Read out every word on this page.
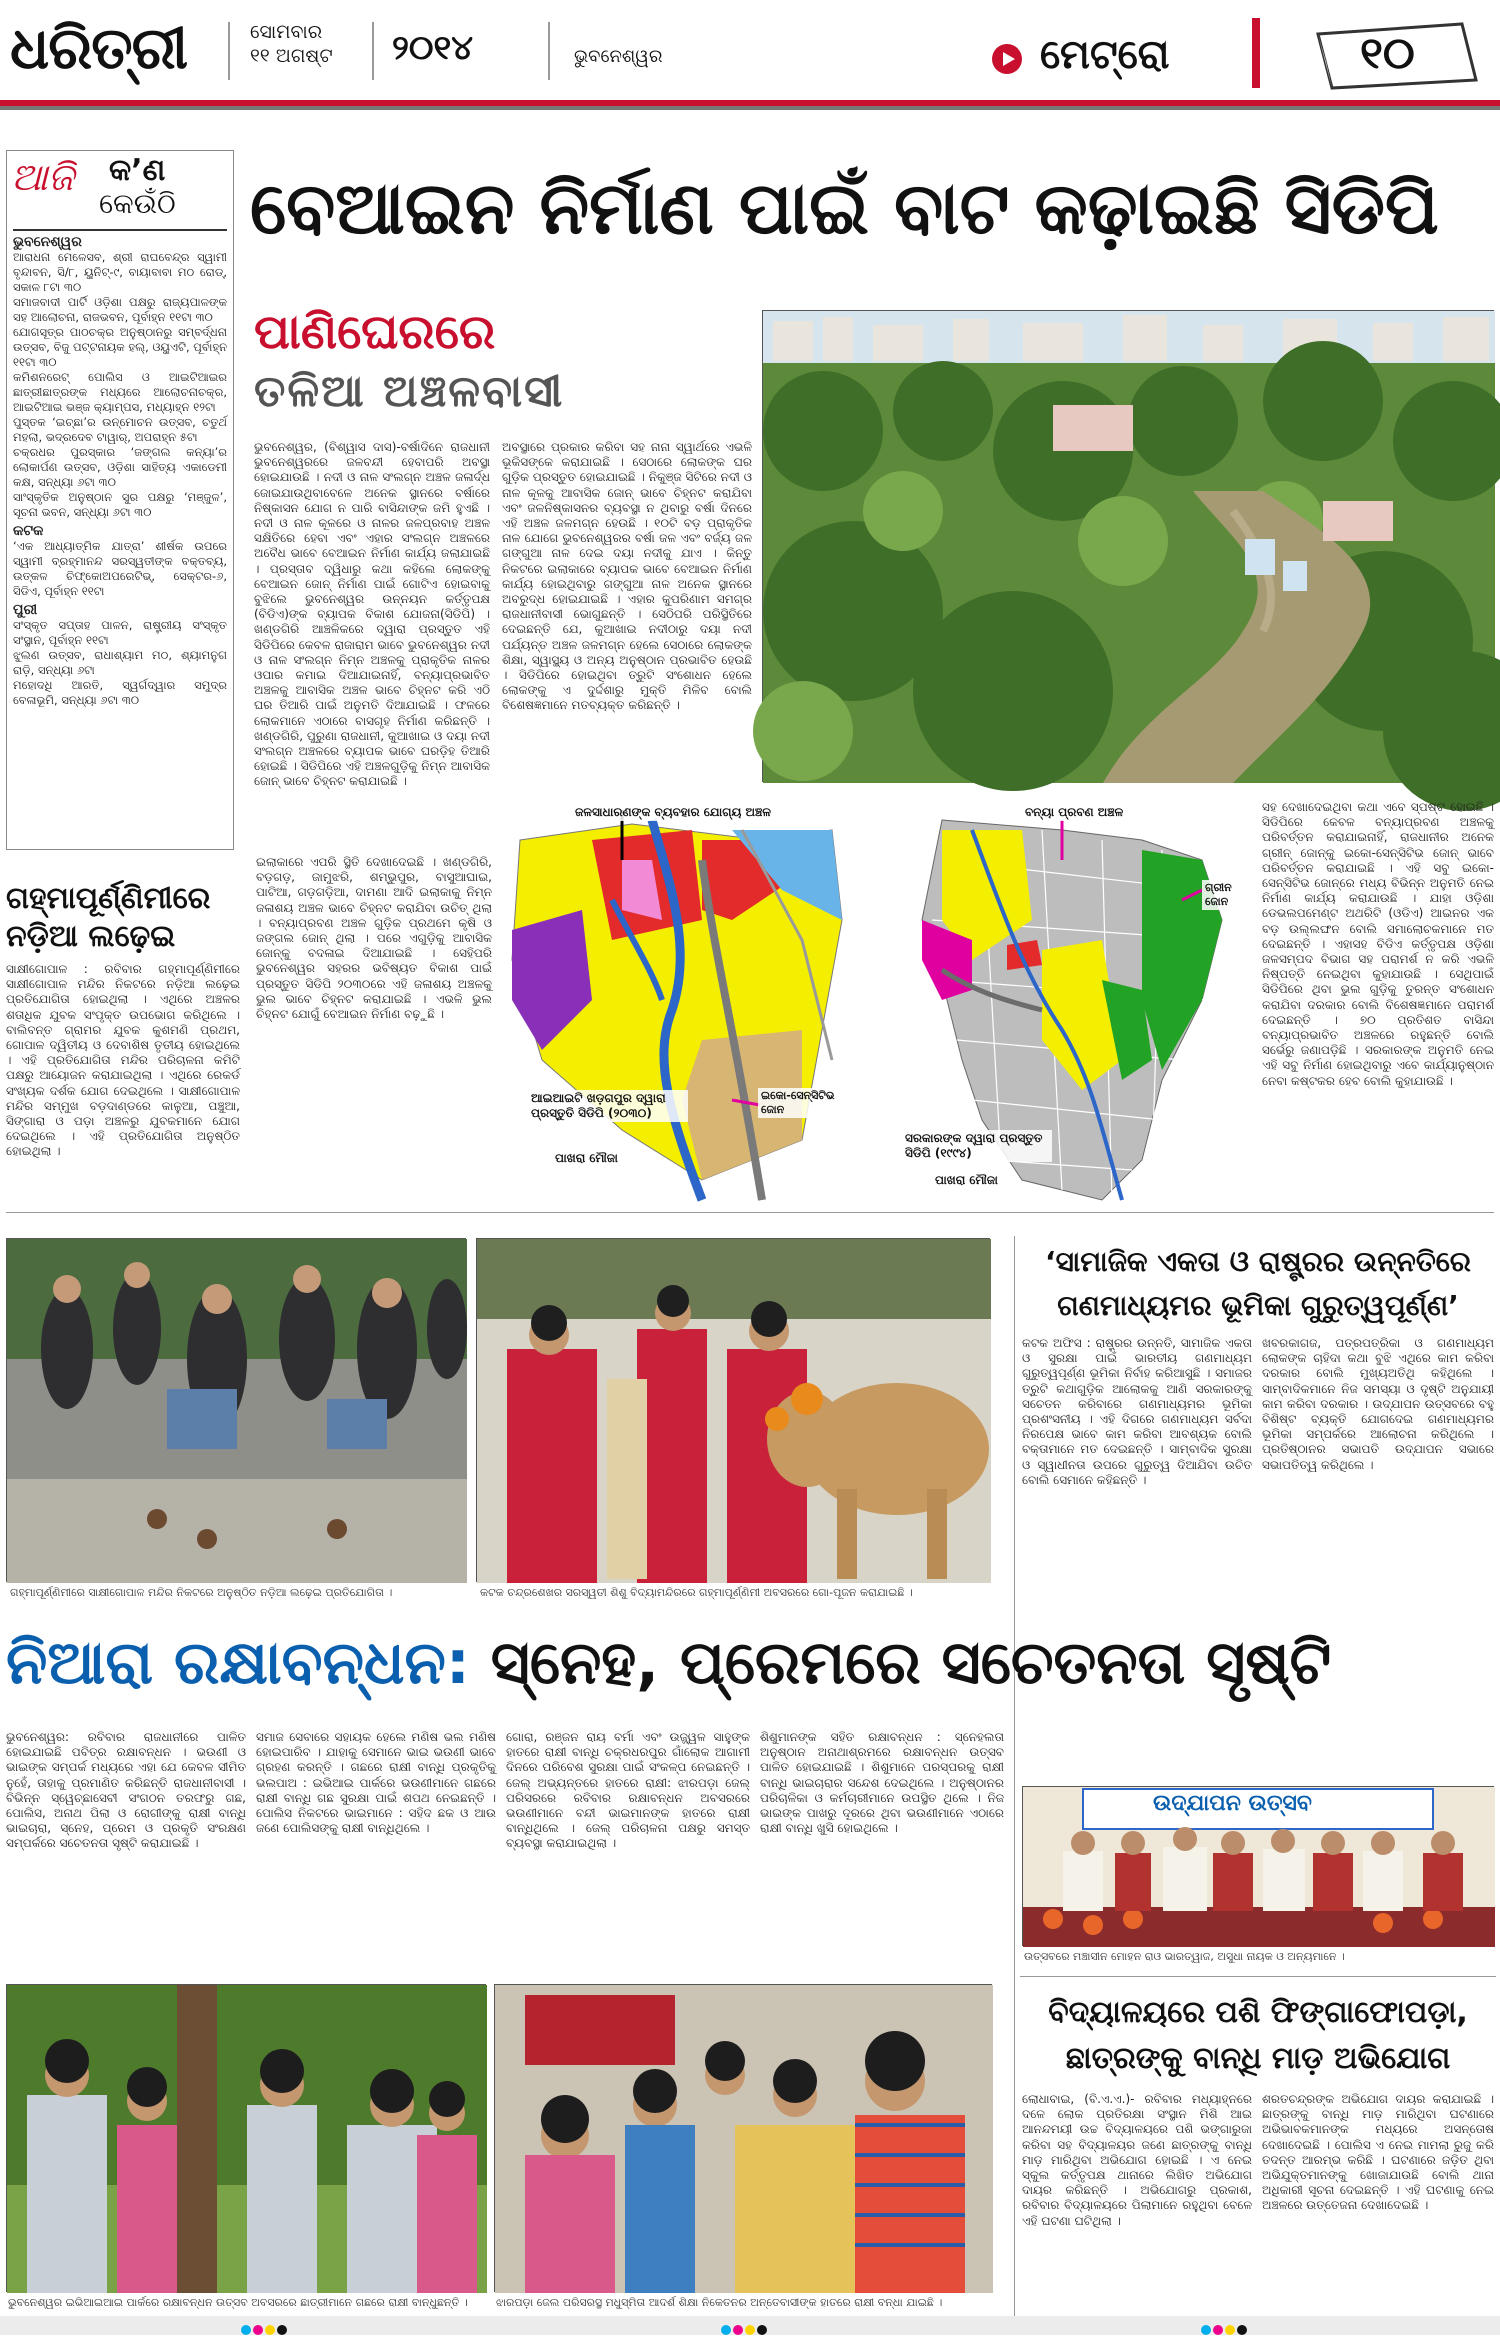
ଧରିତ୍ରୀ	ସୋମବାର
୧୧ ଅଗଷ୍ଟ ୨୦୧୪	ଭୁବନେଶ୍ୱର	ମେଟ୍ରୋ	୧୦
ଆଜି କ’ଣ
କେଉଁଠି
ଭୁବନେଶ୍ୱର
ଆରାଧନା ମେଳେସବ, ଶ୍ରୀ ରାଘବେନ୍ଦ୍ର ସ୍ୱାମୀ ବୃନ୍ଦାବନ, ସି/୮, ୟୁନିଟ୍-୯, ବାୟାବାବା ମଠ ରୋଡ୍, ସକାଳ ୮ଟା ୩୦
ସମାଜବାଦୀ ପାର୍ଟି ଓଡ଼ିଶା ପକ୍ଷରୁ ରାଜ୍ୟପାଳଙ୍କ ସହ ଆଲୋଚନା, ରାଜଭବନ, ପୂର୍ବାହ୍ନ ୧୧ଟା ୩୦
ଯୋଗସୂତ୍ର ପାଠଚକ୍ର ଅନୁଷ୍ଠାନରୁ ସମ୍ବର୍ଦ୍ଧନା ଉତ୍ସବ, ବିଜୁ ପଟ୍ଟନାୟକ ହଲ୍, ଓୟୁଏଟି, ପୂର୍ବାହ୍ନ ୧୧ଟା ୩୦
କମିଶନରେଟ୍ ପୋଲିସ ଓ ଆଇଟିଆଇର ଛାତ୍ରୀଛାତ୍ରଙ୍କ ମଧ୍ୟରେ ଆଲୋଚନାଚକ୍ର, ଆଇଟିଆଇ ଭଞ୍ଜ କ୍ୟାମ୍ପସ, ମଧ୍ୟାହ୍ନ ୧୨ଟା
ପୁସ୍ତକ ‘ଇଚ୍ଛା’ର ଉନ୍ମୋଚନ ଉତ୍ସବ, ଚତୁର୍ଥ ମହଲା, ଭଦ୍ରଦେବ ଟାୱାର୍, ଅପରାହ୍ନ ୫ଟା
ଚକ୍ରଧର ପୁରସ୍କାର ‘ଜଙ୍ଗଲ କନ୍ୟା’ର ଲୋକାର୍ପଣ ଉତ୍ସବ, ଓଡ଼ିଶା ସାହିତ୍ୟ ଏକାଡେମୀ କକ୍ଷ, ସନ୍ଧ୍ୟା ୬ଟା ୩୦
ସାଂସ୍କୃତିକ ଅନୁଷ୍ଠାନ ସୁର ପକ୍ଷରୁ ‘ମଞ୍ଜୁଳ’, ସୂଚନା ଭବନ, ସନ୍ଧ୍ୟା ୬ଟା ୩୦
କଟକ
‘ଏକ ଆଧ୍ୟାତ୍ମିକ ଯାତ୍ରା’ ଶୀର୍ଷକ ଉପରେ ସ୍ୱାମୀ ବ୍ରହ୍ମାନନ୍ଦ ସରସ୍ୱତୀଙ୍କ ବକ୍ତବ୍ୟ, ଉତ୍କଳ ଚିଫ୍‌କୋଅପରେଟିଭ୍, ସେକ୍ଟର-୬, ସିଡିଏ, ପୂର୍ବାହ୍ନ ୧୧ଟା
ପୁରୀ
ସଂସ୍କୃତ ସପ୍ତାହ ପାଳନ, ରାଷ୍ଟ୍ରୀୟ ସଂସ୍କୃତ ସଂସ୍ଥାନ, ପୂର୍ବାହ୍ନ ୧୧ଟା
ଝୁଲଣ ଉତ୍ସବ, ରାଧାଶ୍ୟାମ ମଠ, ଶ୍ୟାମନୁଗ ରାଡ଼ି, ସନ୍ଧ୍ୟା ୬ଟା
ମହୋଦଧି ଆରତି, ସ୍ୱର୍ଗଦ୍ୱାର ସମୁଦ୍ର ବେଳାଭୂମି, ସନ୍ଧ୍ୟା ୬ଟା ୩୦
ବେଆଇନ ନିର୍ମାଣ ପାଇଁ ବାଟ କଢ଼ାଇଛି ସିଡିପି
ପାଣିଘେରରେ
ତଳିଆ ଅଞ୍ଚଳବାସୀ
ଭୁବନେଶ୍ୱର, (ବିଶ୍ୱାସ ଦାସ)-ବର୍ଷାଦିନେ ରାଜଧାନୀ ଭୁବନେଶ୍ୱରରେ ଜଳବନ୍ଦୀ ହେବାପରି ଅବସ୍ଥା ହୋଇଯାଉଛି । ନଦୀ ଓ ନାଳ ସଂଲଗ୍ନ ଅଞ୍ଚଳ ଜଳାର୍ଦ୍ଧ ଜୋଇଯାଉଥିବାବେଳେ ଅନେକ ସ୍ଥାନରେ ବର୍ଷାରେ ନିଷ୍କାସନ ଯୋଗ ନ ପାରି ବାସିନ୍ଦାଙ୍କ ଜମି ହୁଏଛି । ନଦୀ ଓ ନାଳ କୂଳରେ ଓ ନାଳର ଜଳପ୍ରବାହ ଅଞ୍ଚଳ ସକ୍ଷିତିରେ ହେବା ଏବଂ ଏହାର ସଂଲଗ୍ନ ଅଞ୍ଚଳରେ ଅବୈଧ ଭାବେ ବେଆଇନ ନିର୍ମାଣ କାର୍ଯ୍ୟ ଜଲାଯାଇଛି । ପ୍ରସ୍ତାବ ଦ୍ୱିଧାରୁ କଥା କହିଲେ ଲୋକଙ୍କୁ ବେଆଇନ ଜୋନ୍ ନିର୍ମାଣ ପାଇଁ ଗୋଟିଏ ହୋଇବାକୁ ବୁଝିଲେ ଭୁବନେଶ୍ୱର ଉନ୍ନୟନ କର୍ତ୍ତୃପକ୍ଷ (ବିଡିଏ)ଙ୍କ ବ୍ୟାପକ ବିକାଶ ଯୋଜନା(ସିଡିପି) । ଖଣ୍ଡଗିରି ଆଞ୍ଚଳିକରେ ଦ୍ୱାରା ପ୍ରସ୍ତୁତ ଏହି ସିଡିପିରେ କେବଳ ରାଜାରାମ ଭାବେ ଭୁବନେଶ୍ୱର ନଦୀ ଓ ନାଳ ସଂଲଗ୍ନ ନିମ୍ନ ଅଞ୍ଚଳକୁ ପ୍ରାକୃତିକ ନାଳର ଓପାର କମାଇ ଦିଆଯାଇନାହିଁ, ବନ୍ୟାପ୍ରଭାବିତ ଅଞ୍ଚଳକୁ ଆବାସିକ ଅଞ୍ଚଳ ଭାବେ ଚିହ୍ନଟ କରି ଏଠି ଘର ତିଆରି ପାଇଁ ଅନୁମତି ଦିଆଯାଇଛି । ଫଳରେ ଲୋକମାନେ ଏଠାରେ ବାସଗୃହ ନିର୍ମାଣ କରିଛନ୍ତି । ଖଣ୍ଡଗିରି, ପୁରୁଣା ରାଜଧାନୀ, କୁଆଖାଇ ଓ ଦୟା ନଦୀ ସଂଲଗ୍ନ ଅଞ୍ଚଳରେ ବ୍ୟାପକ ଭାବେ ଘରଡ଼ିହ ତିଆରି ହୋଇଛି । ସିଡିପିରେ ଏହି ଅଞ୍ଚଳଗୁଡ଼ିକୁ ନିମ୍ନ ଆବାସିକ ଜୋନ୍ ଭାବେ ଚିହ୍ନଟ କରାଯାଇଛି ।
ଅବସ୍ଥାରେ ପ୍ରକାର କରିବା ସହ ନାନା ସ୍ୱାର୍ଥରେ ଏଭଳି ଭୂକିସଙ୍କେ କରାଯାଇଛି । ସେଠାରେ ଲୋକଙ୍କ ଘର ଗୁଡ଼ିକ ପ୍ରସ୍ତୁତ ହୋଇଯାଇଛି । ନିକୁଞ୍ଜ ସିଟିରେ ନଦୀ ଓ ନାଳ କୂଳକୁ ଆବାସିକ ଜୋନ୍ ଭାବେ ଚିହ୍ନଟ କରାଯିବା ଏବଂ ଜଳନିଷ୍କାସନର ବ୍ୟବସ୍ଥା ନ ଥିବାରୁ ବର୍ଷା ଦିନରେ ଏହି ଅଞ୍ଚଳ ଜଳମଗ୍ନ ହେଉଛି । ୧୦ଟି ବଡ଼ ପ୍ରାକୃତିକ ନାଳ ଯୋଗେ ଭୁବନେଶ୍ୱରର ବର୍ଷା ଜଳ ଏବଂ ବର୍ଜ୍ୟ ଜଳ ଗଙ୍ଗୁଆ ନାଳ ଦେଇ ଦୟା ନଦୀକୁ ଯାଏ । କିନ୍ତୁ ନିକଟରେ ଇଲାକାରେ ବ୍ୟାପକ ଭାବେ ବେଆଇନ ନିର୍ମାଣ କାର୍ଯ୍ୟ ହୋଇଥିବାରୁ ଗଙ୍ଗୁଆ ନାଳ ଅନେକ ସ୍ଥାନରେ ଅବରୁଦ୍ଧ ହୋଇଯାଇଛି । ଏହାର କୁପରିଣାମ ସମଗ୍ର ରାଜଧାନୀବାସୀ ଭୋଗୁଛନ୍ତି । ସେଠିପରି ପରିସ୍ଥିତିରେ ଦେଇଛନ୍ତି ଯେ, କୁଆଖାଇ ନଦୀଠାରୁ ଦୟା ନଦୀ ପର୍ଯ୍ୟନ୍ତ ଅଞ୍ଚଳ ଜଳମଗ୍ନ ହେଲେ ସେଠାରେ ଲୋକଙ୍କ ଶିକ୍ଷା, ସ୍ୱାସ୍ଥ୍ୟ ଓ ଅନ୍ୟ ଅନୁଷ୍ଠାନ ପ୍ରଭାବିତ ହେଉଛି । ସିଡିପିରେ ହୋଇଥିବା ତ୍ରୁଟି ସଂଶୋଧନ ହେଲେ ଲୋକଙ୍କୁ ଏ ଦୁର୍ଦ୍ଦଶାରୁ ମୁକ୍ତି ମିଳିବ ବୋଲି ବିଶେଷଜ୍ଞମାନେ ମତବ୍ୟକ୍ତ କରିଛନ୍ତି ।
ଇଲାକାରେ ଏପରି ସ୍ଥିତି ଦେଖାଦେଇଛି । ଖଣ୍ଡଗିରି, ବଡ଼ଗଡ଼, ଜାମୁଝରି, ଶମ୍ଭୁପୁର, ବାସୁଆଘାଇ, ପାଟିଆ, ଗଡ଼ଗଡ଼ିଆ, ଦାମଣା ଆଦି ଇଲାକାକୁ ନିମ୍ନ ଜଳାଶୟ ଅଞ୍ଚଳ ଭାବେ ଚିହ୍ନଟ କରାଯିବା ଉଚିତ୍ ଥିଲା । ବନ୍ୟାପ୍ରବଣ ଅଞ୍ଚଳ ଗୁଡ଼ିକ ପ୍ରଥମେ କୃଷି ଓ ଜଙ୍ଗଲ ଜୋନ୍ ଥିଲା । ପରେ ଏଗୁଡ଼ିକୁ ଆବାସିକ ଜୋନ୍‌କୁ ବଦଳାଇ ଦିଆଯାଇଛି । ସେହିପରି ଭୁବନେଶ୍ୱର ସହରର ଭବିଷ୍ୟତ ବିକାଶ ପାଇଁ ପ୍ରସ୍ତୁତ ସିଡିପି ୨୦୩୦ରେ ଏହି ଜଳାଶୟ ଅଞ୍ଚଳକୁ ଭୁଲ ଭାବେ ଚିହ୍ନଟ କରାଯାଇଛି । ଏଭଳି ଭୁଲ ଚିହ୍ନଟ ଯୋଗୁଁ ବେଆଇନ ନିର୍ମାଣ ବଢ଼ୁଛି ।
ସହ ଦେଖାଦେଇଥିବା କଥା ଏବେ ସ୍ପଷ୍ଟ ହୋଇଛି । ସିଡିପିରେ କେବଳ ବନ୍ୟାପ୍ରବଣ ଅଞ୍ଚଳକୁ ପରିବର୍ତ୍ତନ କରାଯାଇନାହିଁ, ରାଜଧାନୀର ଅନେକ ଗ୍ରୀନ୍ ଜୋନ୍‌କୁ ଇକୋ-ସେନ୍ସିଟିଭ ଜୋନ୍ ଭାବେ ପରିବର୍ତ୍ତନ କରାଯାଇଛି । ଏହି ସବୁ ଇକୋ-ସେନ୍ସିଟିଭ ଜୋନ୍‌ରେ ମଧ୍ୟ ବିଭିନ୍ନ ଅନୁମତି ନେଇ ନିର୍ମାଣ କାର୍ଯ୍ୟ କରାଯାଉଛି । ଯାହା ଓଡ଼ିଶା ଡେଭଲପମେଣ୍ଟ ଅଥରିଟି (ଓଡିଏ) ଆଇନର ଏକ ବଡ଼ ଉଲ୍ଲଙ୍ଘନ ବୋଲି ସମାଲୋଚକମାନେ ମତ ଦେଇଛନ୍ତି । ଏହାସହ ବିଡିଏ କର୍ତ୍ତୃପକ୍ଷ ଓଡ଼ିଶା ଜଳସମ୍ପଦ ବିଭାଗ ସହ ପରାମର୍ଶ ନ କରି ଏଭଳି ନିଷ୍ପତ୍ତି ନେଇଥିବା କୁହାଯାଉଛି । ସେଥିପାଇଁ ସିଡିପିରେ ଥିବା ଭୁଲ ଗୁଡ଼ିକୁ ତୁରନ୍ତ ସଂଶୋଧନ କରାଯିବା ଦରକାର ବୋଲି ବିଶେଷଜ୍ଞମାନେ ପରାମର୍ଶ ଦେଇଛନ୍ତି । ୭୦ ପ୍ରତିଶତ ବାସିନ୍ଦା ବନ୍ୟାପ୍ରଭାବିତ ଅଞ୍ଚଳରେ ରହୁଛନ୍ତି ବୋଲି ସର୍ଭେରୁ ଜଣାପଡ଼ିଛି । ସରକାରଙ୍କ ଅନୁମତି ନେଇ ଏହି ସବୁ ନିର୍ମାଣ ହୋଇଥିବାରୁ ଏବେ କାର୍ଯ୍ୟାନୁଷ୍ଠାନ ନେବା କଷ୍ଟକର ହେବ ବୋଲି କୁହାଯାଉଛି ।
ଜଳସାଧାରଣଙ୍କ ବ୍ୟବହାର ଯୋଗ୍ୟ ଅଞ୍ଚଳ
ଆଇଆଇଟି ଖଡ଼ଗପୁର ଦ୍ୱାରା ପ୍ରସ୍ତୁତି ସିଡିପି (୨୦୩୦)
ପାଖରା ମୌଜା
ଇକୋ-ସେନ୍ସିଟିଭ ଜୋନ
ବନ୍ୟା ପ୍ରବଣ ଅଞ୍ଚଳ
ସରକାରଙ୍କ ଦ୍ୱାରା ପ୍ରସ୍ତୁତ ସିଡିପି (୧୯୯୪)
ପାଖରା ମୌଜା
ଗ୍ରୀନ ଜୋନ
ଗହ୍ମାପୂର୍ଣ୍ଣିମୀରେ
ନଡ଼ିଆ ଲଢ଼େଇ
ସାକ୍ଷୀଗୋପାଳ : ରବିବାର ଗହ୍ମାପୂର୍ଣ୍ଣିମୀରେ ସାକ୍ଷୀଗୋପାଳ ମନ୍ଦିର ନିକଟରେ ନଡ଼ିଆ ଲଢ଼େଇ ପ୍ରତିଯୋଗିତା ହୋଇଥିଲା । ଏଥିରେ ଅଞ୍ଚଳର ଶତାଧିକ ଯୁବକ ସଂପୃକ୍ତ ଉପଭୋଗ କରିଥିଲେ । ବାଲିବନ୍ତ ଗ୍ରାମର ଯୁବକ କୁଶମଣି ପ୍ରଥମ, ଗୋପାଳ ଦ୍ୱିତୀୟ ଓ ଦେବାଶିଷ ତୃତୀୟ ହୋଇଥିଲେ । ଏହି ପ୍ରତିଯୋଗିତା ମନ୍ଦିର ପରିଚାଳନା କମିଟି ପକ୍ଷରୁ ଆୟୋଜନ କରାଯାଇଥିଲା । ଏଥିରେ ରେକର୍ଡ ସଂଖ୍ୟକ ଦର୍ଶକ ଯୋଗ ଦେଇଥିଲେ । ସାକ୍ଷୀଗୋପାଳ ମନ୍ଦିର ସମ୍ମୁଖ ବଡ଼ଦାଣ୍ଡରେ କାଳୁଆ, ପଞ୍ଚୁଆ, ସିଙ୍ଗାରା ଓ ପଡ଼ା ଅଞ୍ଚଳରୁ ଯୁବକମାନେ ଯୋଗ ଦେଇଥିଲେ । ଏହି ପ୍ରତିଯୋଗିତା ଅନୁଷ୍ଠିତ ହୋଇଥିଲା ।
ଗହ୍ମାପୂର୍ଣ୍ଣିମୀରେ ସାକ୍ଷୀଗୋପାଳ ମନ୍ଦିର ନିକଟରେ ଅନୁଷ୍ଠିତ ନଡ଼ିଆ ଲଢ଼େଇ ପ୍ରତିଯୋଗିତା ।	କଟକ ଚନ୍ଦ୍ରଶେଖର ସରସ୍ୱତୀ ଶିଶୁ ବିଦ୍ୟାମନ୍ଦିରରେ ଗହ୍ମାପୂର୍ଣ୍ଣିମୀ ଅବସରରେ ଗୋ-ପୂଜନ କରାଯାଇଛି ।
‘ସାମାଜିକ ଏକତା ଓ ରାଷ୍ଟ୍ରର ଉନ୍ନତିରେ
ଗଣମାଧ୍ୟମର ଭୂମିକା ଗୁରୁତ୍ୱପୂର୍ଣ୍ଣ’
କଟକ ଅଫିସ : ରାଷ୍ଟ୍ରର ଉନ୍ନତି, ସାମାଜିକ ଏକତା ଓ ସୁରକ୍ଷା ପାଇଁ ଭାରତୀୟ ଗଣମାଧ୍ୟମ ଗୁରୁତ୍ୱପୂର୍ଣ୍ଣ ଭୂମିକା ନିର୍ବାହ କରିଆସୁଛି । ସମାଜର ତ୍ରୁଟି କଥାଗୁଡ଼ିକ ଆଲୋକକୁ ଆଣି ସରକାରଙ୍କୁ ସଚେତନ କରିବାରେ ଗଣମାଧ୍ୟମର ଭୂମିକା ପ୍ରଶଂସନୀୟ । ଏହି ଦିଗରେ ଗଣମାଧ୍ୟମ ସର୍ବଦା ନିରପେକ୍ଷ ଭାବେ କାମ କରିବା ଆବଶ୍ୟକ ବୋଲି ବକ୍ତାମାନେ ମତ ଦେଇଛନ୍ତି । ସାମ୍ବାଦିକ ସୁରକ୍ଷା ଓ ସ୍ୱାଧୀନତା ଉପରେ ଗୁରୁତ୍ୱ ଦିଆଯିବା ଉଚିତ ବୋଲି ସେମାନେ କହିଛନ୍ତି ।
ଖବରକାଗଜ, ପତ୍ରପତ୍ରିକା ଓ ଗଣମାଧ୍ୟମ ଲୋକଙ୍କ ଚାହିଦା କଥା ବୁଝି ଏଥିରେ କାମ କରିବା ଦରକାର ବୋଲି ମୁଖ୍ୟଅତିଥି କହିଥିଲେ । ସାମ୍ବାଦିକମାନେ ନିଜ ସମସ୍ୟା ଓ ଦୃଷ୍ଟି ଅନୁଯାୟୀ କାମ କରିବା ଦରକାର । ଉଦ୍‌ଯାପନ ଉତ୍ସବରେ ବହୁ ବିଶିଷ୍ଟ ବ୍ୟକ୍ତି ଯୋଗଦେଇ ଗଣମାଧ୍ୟମର ଭୂମିକା ସମ୍ପର୍କରେ ଆଲୋଚନା କରିଥିଲେ । ପ୍ରତିଷ୍ଠାନର ସଭାପତି ଉଦ୍‌ଯାପନ ସଭାରେ ସଭାପତିତ୍ୱ କରିଥିଲେ ।
ଉଦ୍‌ଯାପନ ଉତ୍ସବ
ଉତ୍ସବରେ ମଞ୍ଚାସୀନ ମୋହନ ରାଓ ଭାରତ୍ୱାଜ, ଅସୁଧା ନାୟକ ଓ ଅନ୍ୟମାନେ ।
ନିଆରା ରକ୍ଷାବନ୍ଧନ: ସ୍ନେହ, ପ୍ରେମରେ ସଚେତନତା ସୃଷ୍ଟି
ଭୁବନେଶ୍ୱର: ରବିବାର ରାଜଧାନୀରେ ପାଳିତ ହୋଇଯାଇଛି ପବିତ୍ର ରକ୍ଷାବନ୍ଧନ । ଭଉଣୀ ଓ ଭାଇଙ୍କ ସମ୍ପର୍କ ମଧ୍ୟରେ ଏହା ଯେ କେବଳ ସୀମିତ ନୁହେଁ, ତାହାକୁ ପ୍ରମାଣିତ କରିଛନ୍ତି ରାଜଧାନୀବାସୀ । ବିଭିନ୍ନ ସ୍ୱେଚ୍ଛାସେବୀ ସଂଗଠନ ତରଫରୁ ଗଛ, ପୋଲିସ, ଅନାଥ ପିଲା ଓ ରୋଗୀଙ୍କୁ ରାକ୍ଷୀ ବାନ୍ଧି ଭାଇଚାରା, ସ୍ନେହ, ପ୍ରେମ ଓ ପ୍ରକୃତି ସଂରକ୍ଷଣ ସମ୍ପର୍କରେ ସଚେତନତା ସୃଷ୍ଟି କରାଯାଇଛି ।
ସମାଜ ସେବାରେ ସହାୟକ ହେଲେ ମଣିଷ ଭଲ ମଣିଷ ହୋଇପାରିବ । ଯାହାକୁ ସେମାନେ ଭାଇ ଭଉଣୀ ଭାବେ ଗ୍ରହଣ କରନ୍ତି । ଗଛରେ ରାକ୍ଷୀ ବାନ୍ଧି ପ୍ରକୃତିକୁ ଭଲପାଅ : ଇଭିଆଇ ପାର୍କରେ ଭଉଣୀମାନେ ଗଛରେ ରାକ୍ଷୀ ବାନ୍ଧି ଗଛ ସୁରକ୍ଷା ପାଇଁ ଶପଥ ନେଇଛନ୍ତି । ପୋଲିସ ନିକଟରେ ଭାଇମାନେ : ସହିଦ ଛକ ଓ ଆଉ ଜଣେ ପୋଲିସଙ୍କୁ ରାକ୍ଷୀ ବାନ୍ଧିଥିଲେ ।
ଗୋରା, ରଞ୍ଜନ ରାୟ ବର୍ମା ଏବଂ ଉଜ୍ଜ୍ୱଳ ସାହୁଙ୍କ ହାତରେ ରାକ୍ଷୀ ବାନ୍ଧି ଚକ୍ରଧରପୁର ଗାଁଲୋକ ଆଗାମୀ ଦିନରେ ପରିବେଶ ସୁରକ୍ଷା ପାଇଁ ସଂକଳ୍ପ ନେଇଛନ୍ତି । ଜେଲ୍ ଅଭ୍ୟନ୍ତରେ ହାତରେ ରାକ୍ଷୀ: ଝାରପଡ଼ା ଜେଲ୍ ପରିସରରେ ରବିବାର ରକ୍ଷାବନ୍ଧନ ଅବସରରେ ଭଉଣୀମାନେ ବନ୍ଦୀ ଭାଇମାନଙ୍କ ହାତରେ ରାକ୍ଷୀ ବାନ୍ଧିଥିଲେ । ଜେଲ୍ ପରିଚାଳନା ପକ୍ଷରୁ ସମସ୍ତ ବ୍ୟବସ୍ଥା କରାଯାଇଥିଲା ।
ଶିଶୁମାନଙ୍କ ସହିତ ରକ୍ଷାବନ୍ଧନ : ସ୍ନେହଲତା ଅନୁଷ୍ଠାନ ଅନାଥାଶ୍ରମରେ ରକ୍ଷାବନ୍ଧନ ଉତ୍ସବ ପାଳିତ ହୋଇଯାଇଛି । ଶିଶୁମାନେ ପରସ୍ପରକୁ ରାକ୍ଷୀ ବାନ୍ଧି ଭାଇଚାରାର ସନ୍ଦେଶ ଦେଇଥିଲେ । ଅନୁଷ୍ଠାନର ପରିଚାଳିକା ଓ କର୍ମଚାରୀମାନେ ଉପସ୍ଥିତ ଥିଲେ । ନିଜ ଭାଇଙ୍କ ପାଖରୁ ଦୂରରେ ଥିବା ଭଉଣୀମାନେ ଏଠାରେ ରାକ୍ଷୀ ବାନ୍ଧି ଖୁସି ହୋଇଥିଲେ ।
ଭୁବନେଶ୍ୱର ଇଭିଆଇଆଇ ପାର୍କରେ ରକ୍ଷାବନ୍ଧନ ଉତ୍ସବ ଅବସରରେ ଛାତ୍ରୀମାନେ ଗଛରେ ରାକ୍ଷୀ ବାନ୍ଧୁଛନ୍ତି ।	ଝାରପଡ଼ା ଜେଲ ପରିସରସ୍ଥ ମଧୁସ୍ମିତା ଆଦର୍ଶ ଶିକ୍ଷା ନିକେତନର ଅନ୍ତେବାସୀଙ୍କ ହାତରେ ରାକ୍ଷୀ ବନ୍ଧା ଯାଇଛି ।
ବିଦ୍ୟାଳୟରେ ପଶି ଫିଙ୍ଗାଫୋପଡ଼ା,
ଛାତ୍ରଙ୍କୁ ବାନ୍ଧି ମାଡ଼ ଅଭିଯୋଗ
ଲୋଧାବାଇ, (ବି.ଏ.ଏ.)- ରବିବାର ମଧ୍ୟାହ୍ନରେ ଦଳେ ଲୋକ ପ୍ରତିରକ୍ଷା ସଂସ୍ଥାନ ମିଶି ଆଇ ଆନନ୍ଦମୟୀ ଉଚ୍ଚ ବିଦ୍ୟାଳୟରେ ପଶି ଭଙ୍ଗାରୁଜା କରିବା ସହ ବିଦ୍ୟାଳୟର ଜଣେ ଛାତ୍ରଙ୍କୁ ବାନ୍ଧି ମାଡ଼ ମାରିଥିବା ଅଭିଯୋଗ ହୋଇଛି । ଏ ନେଇ ସ୍କୁଲ କର୍ତ୍ତୃପକ୍ଷ ଥାନାରେ ଲିଖିତ ଅଭିଯୋଗ ଦାୟର କରିଛନ୍ତି । ଅଭିଯୋଗରୁ ପ୍ରକାଶ, ରବିବାର ବିଦ୍ୟାଳୟରେ ପିଲାମାନେ ରହୁଥିବା ବେଳେ ଏହି ଘଟଣା ଘଟିଥିଲା ।
ଶରତଚନ୍ଦ୍ରଙ୍କ ଅଭିଯୋଗ ଦାୟର କରାଯାଇଛି । ଛାତ୍ରଙ୍କୁ ବାନ୍ଧି ମାଡ଼ ମାରିଥିବା ଘଟଣାରେ ଅଭିଭାବକମାନଙ୍କ ମଧ୍ୟରେ ଅସନ୍ତୋଷ ଦେଖାଦେଇଛି । ପୋଲିସ ଏ ନେଇ ମାମଲା ରୁଜୁ କରି ତଦନ୍ତ ଆରମ୍ଭ କରିଛି । ଘଟଣାରେ ଜଡ଼ିତ ଥିବା ଅଭିଯୁକ୍ତମାନଙ୍କୁ ଖୋଜାଯାଉଛି ବୋଲି ଥାନା ଅଧିକାରୀ ସୂଚନା ଦେଇଛନ୍ତି । ଏହି ଘଟଣାକୁ ନେଇ ଅଞ୍ଚଳରେ ଉତ୍ତେଜନା ଦେଖାଦେଇଛି ।
